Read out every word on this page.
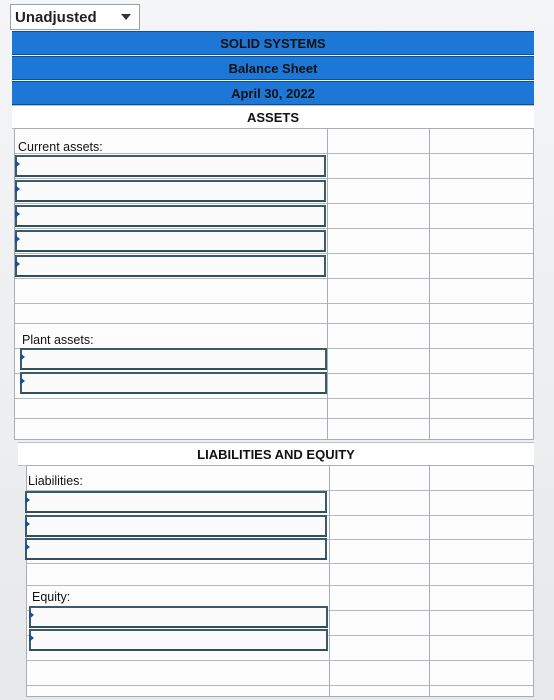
Unadjusted
SOLID SYSTEMS
Balance Sheet
April 30, 2022
ASSETS
Current assets:
Plant assets:
LIABILITIES AND EQUITY
Liabilities:
Equity:
